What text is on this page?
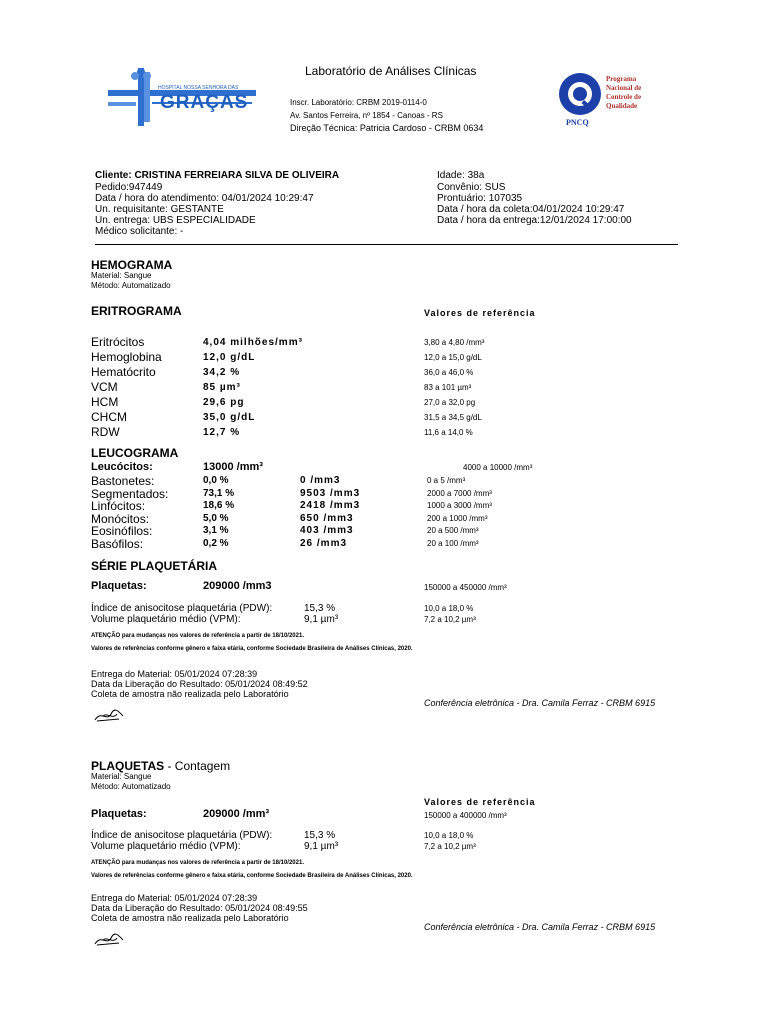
HOSPITAL NOSSA SENHORA DAS
GRAÇAS
Laboratório de Análises Clínicas
Inscr. Laboratório: CRBM 2019-0114-0
Av. Santos Ferreira, nº 1854 - Canoas - RS
Direção Técnica: Patricia Cardoso - CRBM 0634
PNCQ
Programa
Nacional de
Controle de
Qualidade
Cliente: CRISTINA FERREIARA SILVA DE OLIVEIRA
Pedido:947449
Data / hora do atendimento: 04/01/2024 10:29:47
Un. requisitante: GESTANTE
Un. entrega: UBS ESPECIALIDADE
Médico solicitante: -
Idade: 38a
Convênio: SUS
Prontuário: 107035
Data / hora da coleta:04/01/2024 10:29:47
Data / hora da entrega:12/01/2024 17:00:00
HEMOGRAMA
Material: Sangue
Método: Automatizado
ERITROGRAMA	Valores de referência
Eritrócitos	4,04 milhões/mm³	3,80 a 4,80 /mm³
Hemoglobina	12,0 g/dL	12,0 a 15,0 g/dL
Hematócrito	34,2 %	36,0 a 46,0 %
VCM	85 µm³	83 a 101 µm³
HCM	29,6 pg	27,0 a 32,0 pg
CHCM	35,0 g/dL	31,5 a 34,5 g/dL
RDW	12,7 %	11,6 a 14,0 %
LEUCOGRAMA
Leucócitos:	13000 /mm³	4000 a 10000 /mm³
Bastonetes:	0,0 %	0 /mm3	0 a 5 /mm³
Segmentados:	73,1 %	9503 /mm3	2000 a 7000 /mm³
Linfócitos:	18,6 %	2418 /mm3	1000 a 3000 /mm³
Monócitos:	5,0 %	650 /mm3	200 a 1000 /mm³
Eosinófilos:	3,1 %	403 /mm3	20 a 500 /mm³
Basófilos:	0,2 %	26 /mm3	20 a 100 /mm³
SÉRIE PLAQUETÁRIA
Plaquetas:	209000 /mm3	150000 a 450000 /mm³
Índice de anisocitose plaquetária (PDW):	15,3 %	10,0 a 18,0 %
Volume plaquetário médio (VPM):	9,1 µm³	7,2 a 10,2 µm³
ATENÇÃO para mudanças nos valores de referência a partir de 18/10/2021.
Valores de referências conforme gênero e faixa etária, conforme Sociedade Brasileira de Análises Clínicas, 2020.
Entrega do Material: 05/01/2024 07:28:39
Data da Liberação do Resultado: 05/01/2024 08:49:52
Coleta de amostra não realizada pelo Laboratório
Conferência eletrônica - Dra. Camila Ferraz - CRBM 6915
PLAQUETAS - Contagem
Material: Sangue
Método: Automatizado
Valores de referência
Plaquetas:	209000 /mm³	150000 a 400000 /mm³
Índice de anisocitose plaquetária (PDW):	15,3 %	10,0 a 18,0 %
Volume plaquetário médio (VPM):	9,1 µm³	7,2 a 10,2 µm³
ATENÇÃO para mudanças nos valores de referência a partir de 18/10/2021.
Valores de referências conforme gênero e faixa etária, conforme Sociedade Brasileira de Análises Clínicas, 2020.
Entrega do Material: 05/01/2024 07:28:39
Data da Liberação do Resultado: 05/01/2024 08:49:55
Coleta de amostra não realizada pelo Laboratório
Conferência eletrônica - Dra. Camila Ferraz - CRBM 6915
